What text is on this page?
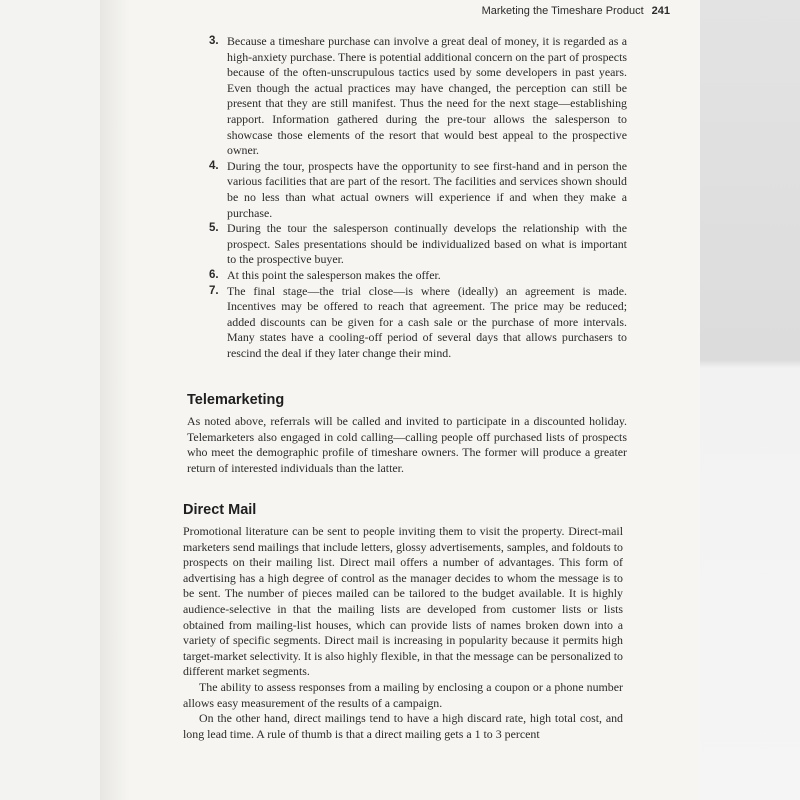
Marketing the Timeshare Product 241
3. Because a timeshare purchase can involve a great deal of money, it is regarded as a high-anxiety purchase. There is potential additional concern on the part of prospects because of the often-unscrupulous tactics used by some developers in past years. Even though the actual practices may have changed, the perception can still be present that they are still manifest. Thus the need for the next stage—establishing rapport. Information gathered during the pre-tour allows the salesperson to showcase those elements of the resort that would best appeal to the prospective owner.
4. During the tour, prospects have the opportunity to see first-hand and in person the various facilities that are part of the resort. The facilities and services shown should be no less than what actual owners will experience if and when they make a purchase.
5. During the tour the salesperson continually develops the relationship with the prospect. Sales presentations should be individualized based on what is important to the prospective buyer.
6. At this point the salesperson makes the offer.
7. The final stage—the trial close—is where (ideally) an agreement is made. Incentives may be offered to reach that agreement. The price may be reduced; added discounts can be given for a cash sale or the purchase of more intervals. Many states have a cooling-off period of several days that allows purchasers to rescind the deal if they later change their mind.
Telemarketing

As noted above, referrals will be called and invited to participate in a discounted holiday. Telemarketers also engaged in cold calling—calling people off purchased lists of prospects who meet the demographic profile of timeshare owners. The former will produce a greater return of interested individuals than the latter.

Direct Mail

Promotional literature can be sent to people inviting them to visit the property. Direct-mail marketers send mailings that include letters, glossy advertisements, samples, and foldouts to prospects on their mailing list. Direct mail offers a number of advantages. This form of advertising has a high degree of control as the manager decides to whom the message is to be sent. The number of pieces mailed can be tailored to the budget available. It is highly audience-selective in that the mailing lists are developed from customer lists or lists obtained from mailing-list houses, which can provide lists of names broken down into a variety of specific segments. Direct mail is increasing in popularity because it permits high target-market selectivity. It is also highly flexible, in that the message can be personalized to different market segments.

The ability to assess responses from a mailing by enclosing a coupon or a phone number allows easy measurement of the results of a campaign.

On the other hand, direct mailings tend to have a high discard rate, high total cost, and long lead time. A rule of thumb is that a direct mailing gets a 1 to 3 percent
